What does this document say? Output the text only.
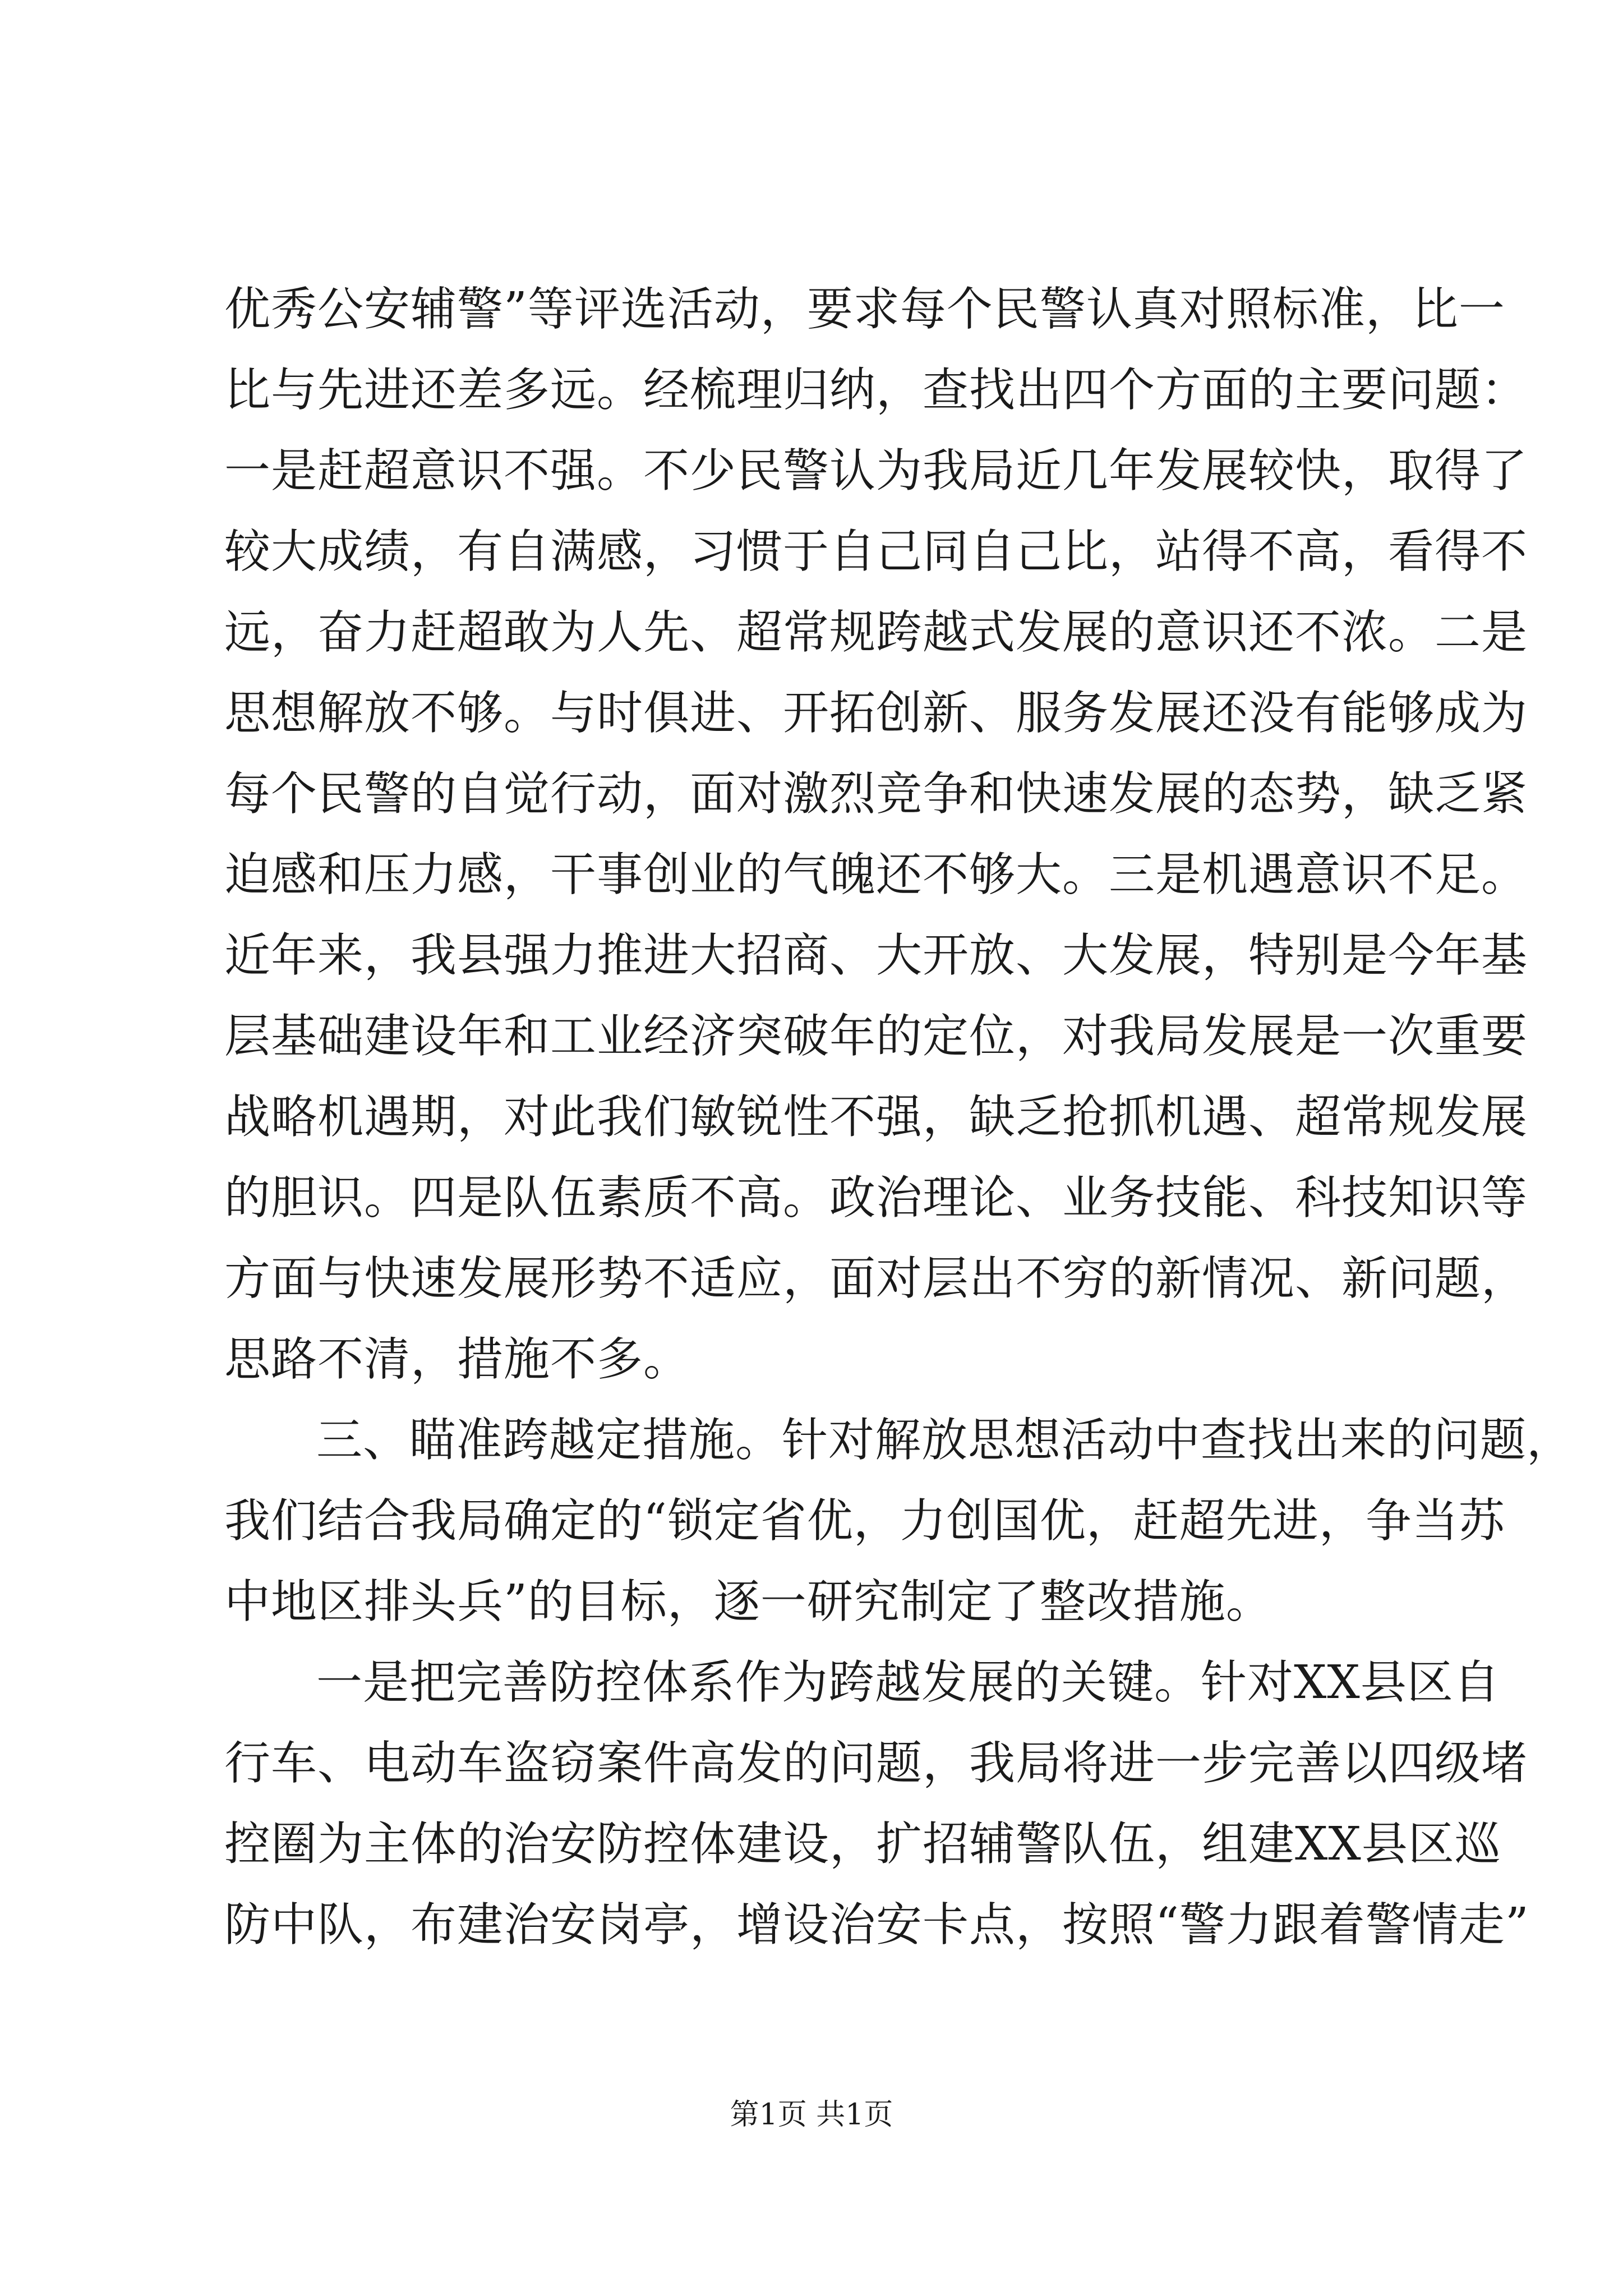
优秀公安辅警”等评选活动，要求每个民警认真对照标准，比一
比与先进还差多远。经梳理归纳，查找出四个方面的主要问题：
一是赶超意识不强。不少民警认为我局近几年发展较快，取得了
较大成绩，有自满感，习惯于自己同自己比，站得不高，看得不
远，奋力赶超敢为人先、超常规跨越式发展的意识还不浓。二是
思想解放不够。与时俱进、开拓创新、服务发展还没有能够成为
每个民警的自觉行动，面对激烈竞争和快速发展的态势，缺乏紧
迫感和压力感，干事创业的气魄还不够大。三是机遇意识不足。
近年来，我县强力推进大招商、大开放、大发展，特别是今年基
层基础建设年和工业经济突破年的定位，对我局发展是一次重要
战略机遇期，对此我们敏锐性不强，缺乏抢抓机遇、超常规发展
的胆识。四是队伍素质不高。政治理论、业务技能、科技知识等
方面与快速发展形势不适应，面对层出不穷的新情况、新问题，
思路不清，措施不多。
三、瞄准跨越定措施。针对解放思想活动中查找出来的问题，
我们结合我局确定的“锁定省优，力创国优，赶超先进，争当苏
中地区排头兵”的目标，逐一研究制定了整改措施。
一是把完善防控体系作为跨越发展的关键。针对XX县区自
行车、电动车盗窃案件高发的问题，我局将进一步完善以四级堵
控圈为主体的治安防控体建设，扩招辅警队伍，组建XX县区巡
防中队，布建治安岗亭，增设治安卡点，按照“警力跟着警情走”
第1页 共1页
